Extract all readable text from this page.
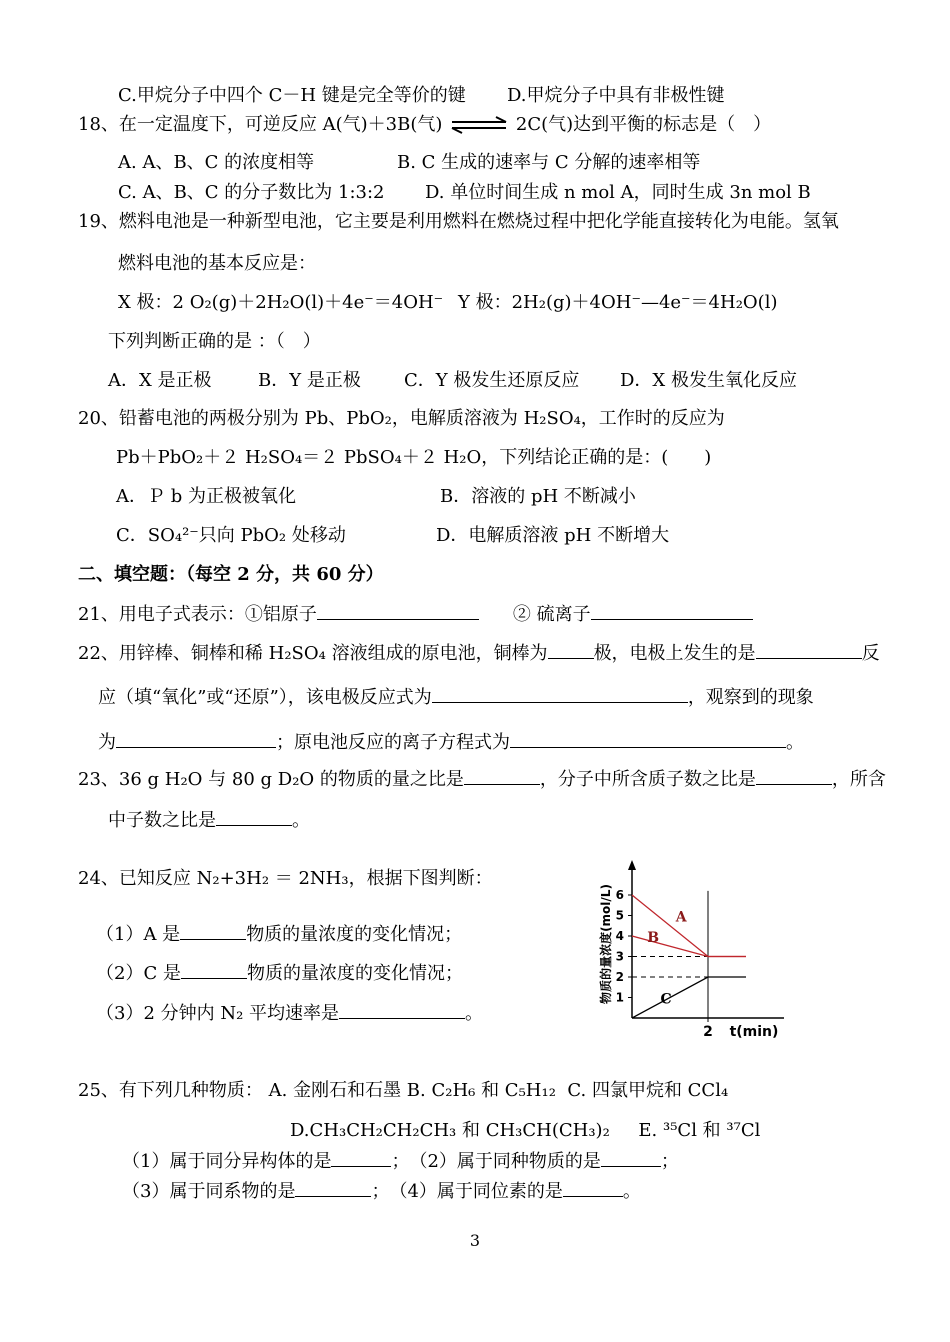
C.甲烷分子中四个 C－H 键是完全等价的键 D.甲烷分子中具有非极性键
18、在一定温度下，可逆反应 A(气)＋3B(气) ⇌ 2C(气)达到平衡的标志是（　）
A. A、B、C 的浓度相等	B. C 生成的速率与 C 分解的速率相等
C. A、B、C 的分子数比为 1:3:2 D. 单位时间生成 n mol A，同时生成 3n mol B
19、燃料电池是一种新型电池，它主要是利用燃料在燃烧过程中把化学能直接转化为电能。氢氧
燃料电池的基本反应是：
X 极：2 O₂(g)＋2H₂O(l)＋4e⁻＝4OH⁻ Y 极：2H₂(g)＋4OH⁻—4e⁻＝4H₂O(l)
下列判断正确的是 ：（　）
A．X 是正极	B．Y 是正极 C．Y 极发生还原反应 D．X 极发生氧化反应
20、铅蓄电池的两极分别为 Pb、PbO₂，电解质溶液为 H₂SO₄，工作时的反应为
Pb＋PbO₂＋２ H₂SO₄＝２ PbSO₄＋２ H₂O，下列结论正确的是：(　　)
A．Ｐ b 为正极被氧化	B．溶液的 pH 不断减小
C．SO₄²⁻只向 PbO₂ 处移动	D．电解质溶液 pH 不断增大
二、填空题：（每空 2 分，共 60 分）
21、用电子式表示：①铝原子	② 硫离子
22、用锌棒、铜棒和稀 H₂SO₄ 溶液组成的原电池，铜棒为	极，电极上发生的是	反
应（填“氧化”或“还原”），该电极反应式为	，观察到的现象
为	；原电池反应的离子方程式为	。
23、36 g H₂O 与 80 g D₂O 的物质的量之比是	，分子中所含质子数之比是	，所含
中子数之比是	。
24、已知反应 N₂+3H₂ ＝ 2NH₃，根据下图判断：
（1）A 是	物质的量浓度的变化情况；
（2）C 是	物质的量浓度的变化情况；
（3）2 分钟内 N₂ 平均速率是	。
物质的量浓度(mol/L)
t(min)
1
2
3
4
5
6
2
A
B
C
25、有下列几种物质： A. 金刚石和石墨 B. C₂H₆ 和 C₅H₁₂  C. 四氯甲烷和 CCl₄
D.CH₃CH₂CH₂CH₃ 和 CH₃CH(CH₃)₂     E. ³⁵Cl 和 ³⁷Cl
（1）属于同分异构体的是	；　（2）属于同种物质的是	；
（3）属于同系物的是	；　（4）属于同位素的是	。
3
